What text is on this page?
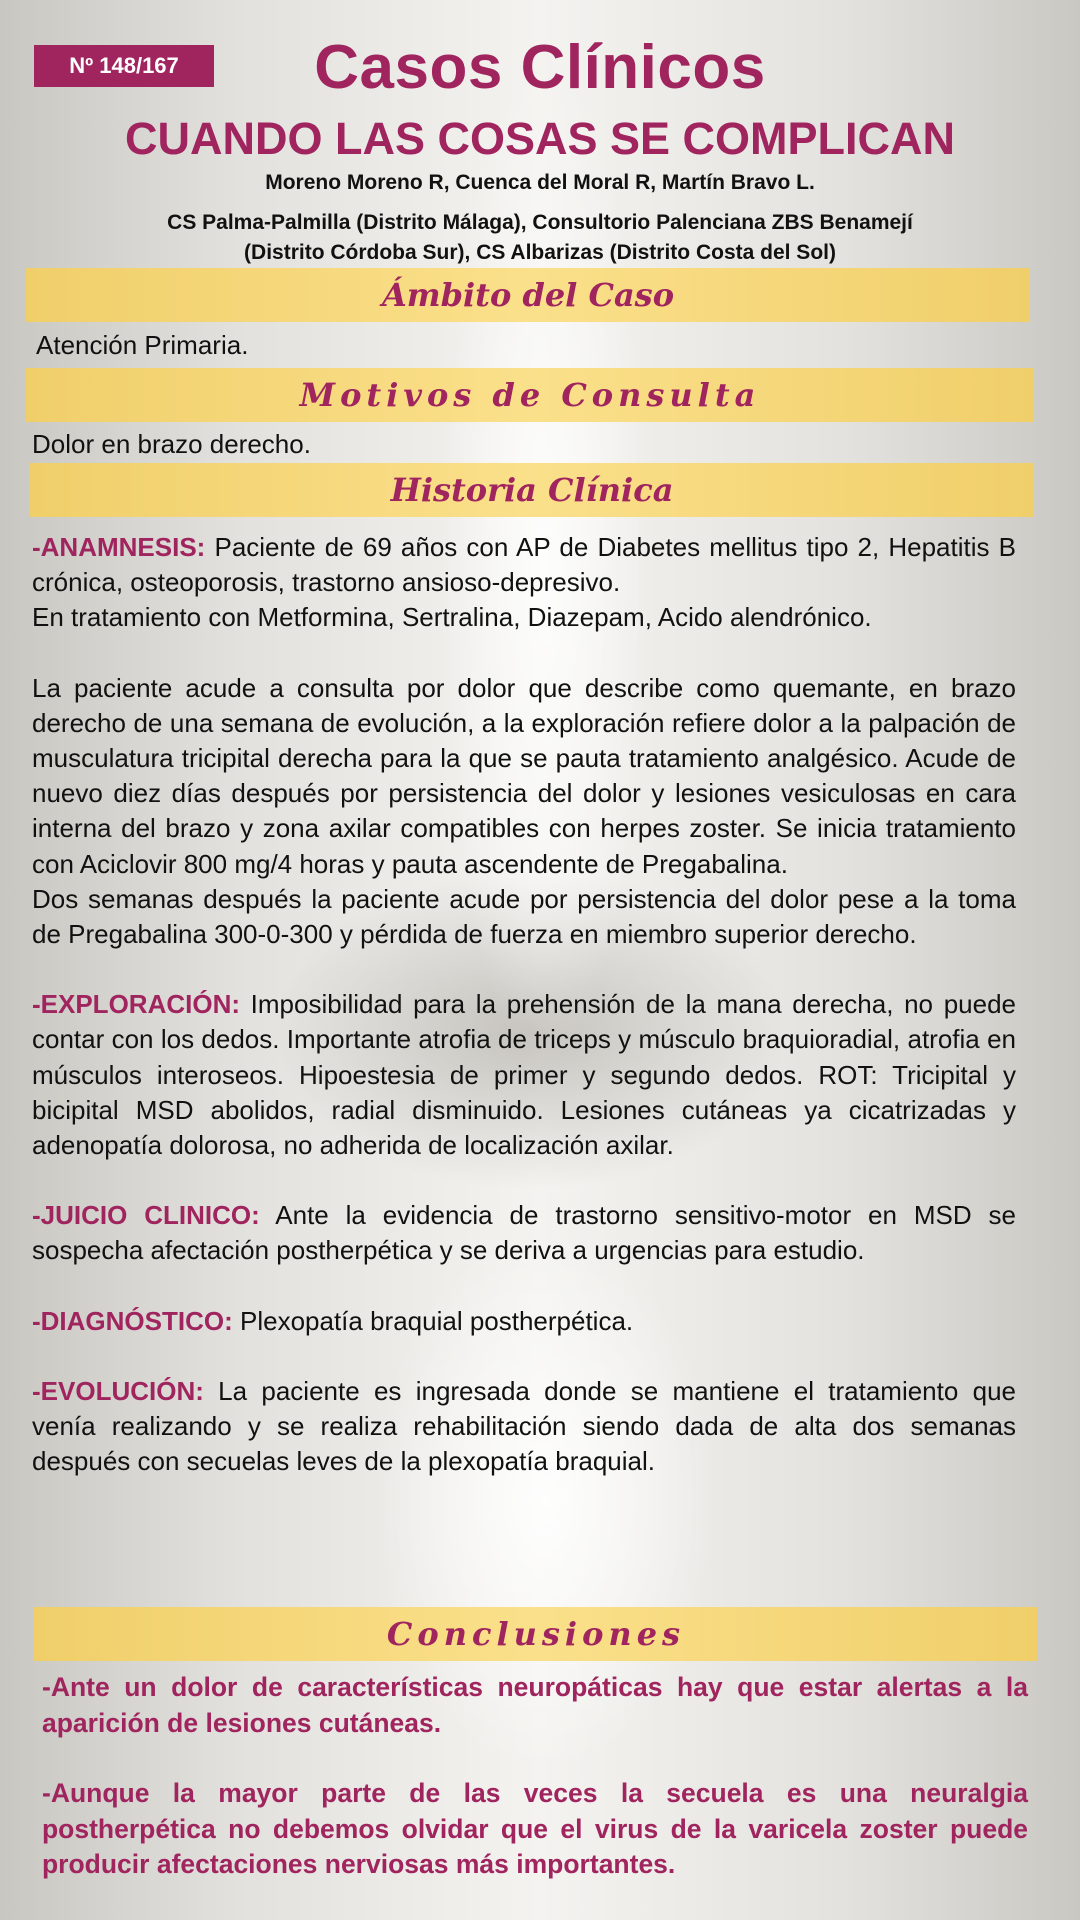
Nº 148/167	Casos Clínicos
CUANDO LAS COSAS SE COMPLICAN
Moreno Moreno R, Cuenca del Moral R, Martín Bravo L.
CS Palma-Palmilla (Distrito Málaga), Consultorio Palenciana ZBS Benamejí
(Distrito Córdoba Sur), CS Albarizas (Distrito Costa del Sol)
Ámbito del Caso
Atención Primaria.
Motivos de Consulta
Dolor en brazo derecho.
Historia Clínica

-ANAMNESIS: Paciente de 69 años con AP de Diabetes mellitus tipo 2, Hepatitis B crónica, osteoporosis, trastorno ansioso-depresivo.

En tratamiento con Metformina, Sertralina, Diazepam, Acido alendrónico.

La paciente acude a consulta por dolor que describe como quemante, en brazo derecho de una semana de evolución, a la exploración refiere dolor a la palpación de musculatura tricipital derecha para la que se pauta tratamiento analgésico. Acude de nuevo diez días después por persistencia del dolor y lesiones vesiculosas en cara interna del brazo y zona axilar compatibles con herpes zoster. Se inicia tratamiento con Aciclovir 800 mg/4 horas y pauta ascendente de Pregabalina.

Dos semanas después la paciente acude por persistencia del dolor pese a la toma de Pregabalina 300-0-300 y pérdida de fuerza en miembro superior derecho.

-EXPLORACIÓN: Imposibilidad para la prehensión de la mana derecha, no puede contar con los dedos. Importante atrofia de triceps y músculo braquioradial, atrofia en músculos interoseos. Hipoestesia de primer y segundo dedos. ROT: Tricipital y bicipital MSD abolidos, radial disminuido. Lesiones cutáneas ya cicatrizadas y adenopatía dolorosa, no adherida de localización axilar.

-JUICIO CLINICO: Ante la evidencia de trastorno sensitivo-motor en MSD se sospecha afectación postherpética y se deriva a urgencias para estudio.

-DIAGNÓSTICO: Plexopatía braquial postherpética.

-EVOLUCIÓN: La paciente es ingresada donde se mantiene el tratamiento que venía realizando y se realiza rehabilitación siendo dada de alta dos semanas después con secuelas leves de la plexopatía braquial.

Conclusiones

-Ante un dolor de características neuropáticas hay que estar alertas a la aparición de lesiones cutáneas.

-Aunque la mayor parte de las veces la secuela es una neuralgia postherpética no debemos olvidar que el virus de la varicela zoster puede producir afectaciones nerviosas más importantes.
